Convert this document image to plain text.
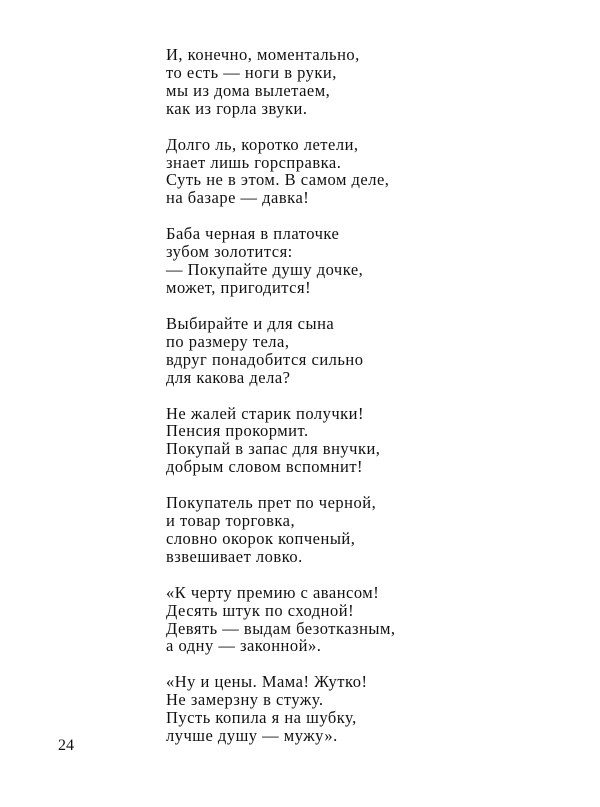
И, конечно, моментально,
то есть — ноги в руки,
мы из дома вылетаем,
как из горла звуки.
Долго ль, коротко летели,
знает лишь горсправка.
Суть не в этом. В самом деле,
на базаре — давка!
Баба черная в платочке
зубом золотится:
— Покупайте душу дочке,
может, пригодится!
Выбирайте и для сына
по размеру тела,
вдруг понадобится сильно
для какова дела?
Не жалей старик получки!
Пенсия прокормит.
Покупай в запас для внучки,
добрым словом вспомнит!
Покупатель прет по черной,
и товар торговка,
словно окорок копченый,
взвешивает ловко.
«К черту премию с авансом!
Десять штук по сходной!
Девять — выдам безотказным,
а одну — законной».
«Ну и цены. Мама! Жутко!
Не замерзну в стужу.
Пусть копила я на шубку,
лучше душу — мужу».
24
